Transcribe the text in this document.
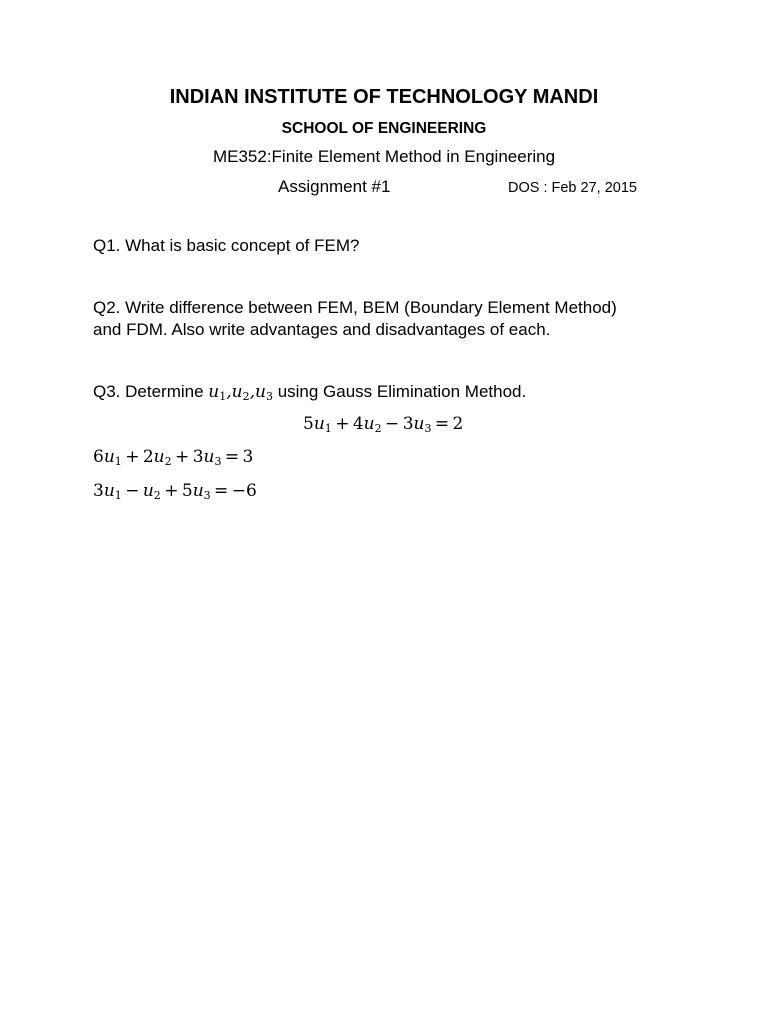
INDIAN INSTITUTE OF TECHNOLOGY MANDI
SCHOOL OF ENGINEERING
ME352:Finite Element Method in Engineering
Assignment #1	DOS : Feb 27, 2015
Q1. What is basic concept of FEM?
Q2. Write difference between FEM, BEM (Boundary Element Method)
and FDM. Also write advantages and disadvantages of each.
Q3. Determine $u_1,u_2,u_3$ using Gauss Elimination Method.
$5u_1 + 4u_2 - 3u_3 = 2$
$6u_1 + 2u_2 + 3u_3 = 3$
$3u_1 - u_2 + 5u_3 = -6$
